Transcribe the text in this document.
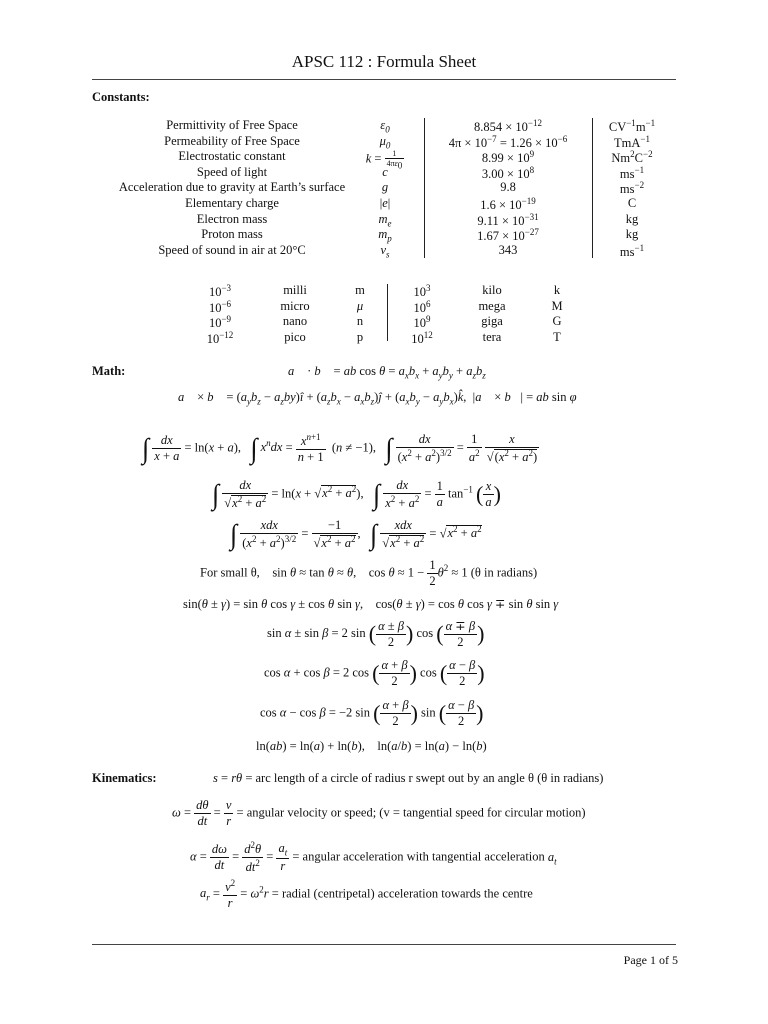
APSC 112 : Formula Sheet
Constants:
Permittivity of Free Space	$\varepsilon_0$	$8.854 \times 10^{-12}$	$CV^{-1}m^{-1}$
Permeability of Free Space	$\mu_0$	$4\pi \times 10^{-7} = 1.26 \times 10^{-6}$	TmA$^{-1}$
Electrostatic constant	$k = \frac{1}{4\pi\varepsilon_0}$	$8.99 \times 10^9$	$Nm^2C^{-2}$
Speed of light	c	$3.00 \times 10^8$	$ms^{-1}$
Acceleration due to gravity at Earth’s surface	g	9.8	$ms^{-2}$
Elementary charge	|e|	$1.6 \times 10^{-19}$	C
Electron mass	$m_e$	$9.11 \times 10^{-31}$	kg
Proton mass	$m_p$	$1.67 \times 10^{-27}$	kg
Speed of sound in air at 20°C	$v_s$	343	$ms^{-1}$
$10^{-3}$	milli	m
$10^{-6}$	micro	μ
$10^{-9}$	nano	n
$10^{-12}$	pico	p
$10^3$	kilo	k
$10^6$	mega	M
$10^9$	giga	G
$10^{12}$	tera	T
Math:	a⃗ · b⃗ = ab $\cos \theta = a_xb_x + a_yb_y + a_zb_z$
a⃗ × b⃗ = ($a_yb_z$ − $a_zby)î + (a_zb_x$ − $a_xb_z)ĵ + (a_xb_y$ − $a_yb_x)k̂$,  |a⃗ × b⃗| = ab sin φ
∫ $\frac{dx}{x + a} = \ln(x + a)$,   ∫ $x^ndx = \frac{x^{n+1}}{n + 1} (n \ne -1)$,   ∫ $\frac{dx}{(x^2 + a^2)^{3/2}} = \frac{1}{a^2}$
$\frac{x}{√(x^2 + a^2)}$
∫ $\frac{dx}{√x^2 + a^2} = \ln(x + √x^2 + a^2)$,   ∫ $\frac{dx}{x^2 + a^2} = \frac{1}{a} \tan^{-1}$ ( $\frac{x}{a}$ )
∫ $\frac{\text{xdx}}{(x^2 + a^2)^{3/2}} = \frac{-1}{√x^2 + a^2}$ ,   ∫ $\frac{\text{xdx}}{√x^2 + a^2} = √x^2 + a^2$
For small θ,    sin θ ≈ tan θ ≈ θ,    $\cos \theta \approx 1 - \frac{1}{2} \theta^2 \approx 1$ (θ in radians)
sin(θ ± γ) = sin θ cos γ ± cos θ sin γ,    cos(θ ± γ) = cos θ cos γ ∓ sin θ sin γ
sin α ± sin β = 2 sin ( $\frac{\alpha \pm \beta}{2}$ ) cos ( $\frac{\alpha \mp \beta}{2}$ )
cos α + cos β = 2 cos ( $\frac{\alpha + \beta}{2}$ ) cos ( $\frac{\alpha - \beta}{2}$ )
cos α − cos β = −2 sin ( $\frac{\alpha + \beta}{2}$ ) sin ( $\frac{\alpha - \beta}{2}$ )
ln(ab) = ln(a) + ln(b),    ln(a/b) = ln(a) − ln(b)
Kinematics:	s = rθ = arc length of a circle of radius r swept out by an angle θ (θ in radians)
$\omega = \frac{d\theta}{dt} = \frac{v}{r}$ = angular velocity or speed; (v = tangential speed for circular motion)
$\alpha = \frac{d\omega}{dt} = \frac{d^2\theta}{dt^2} = \frac{a_t}{r}$ = angular acceleration with tangential acceleration $a_t$
$a_r = \frac{v^2}{r} = \omega^2r$ = radial (centripetal) acceleration towards the centre
Page 1 of 5
